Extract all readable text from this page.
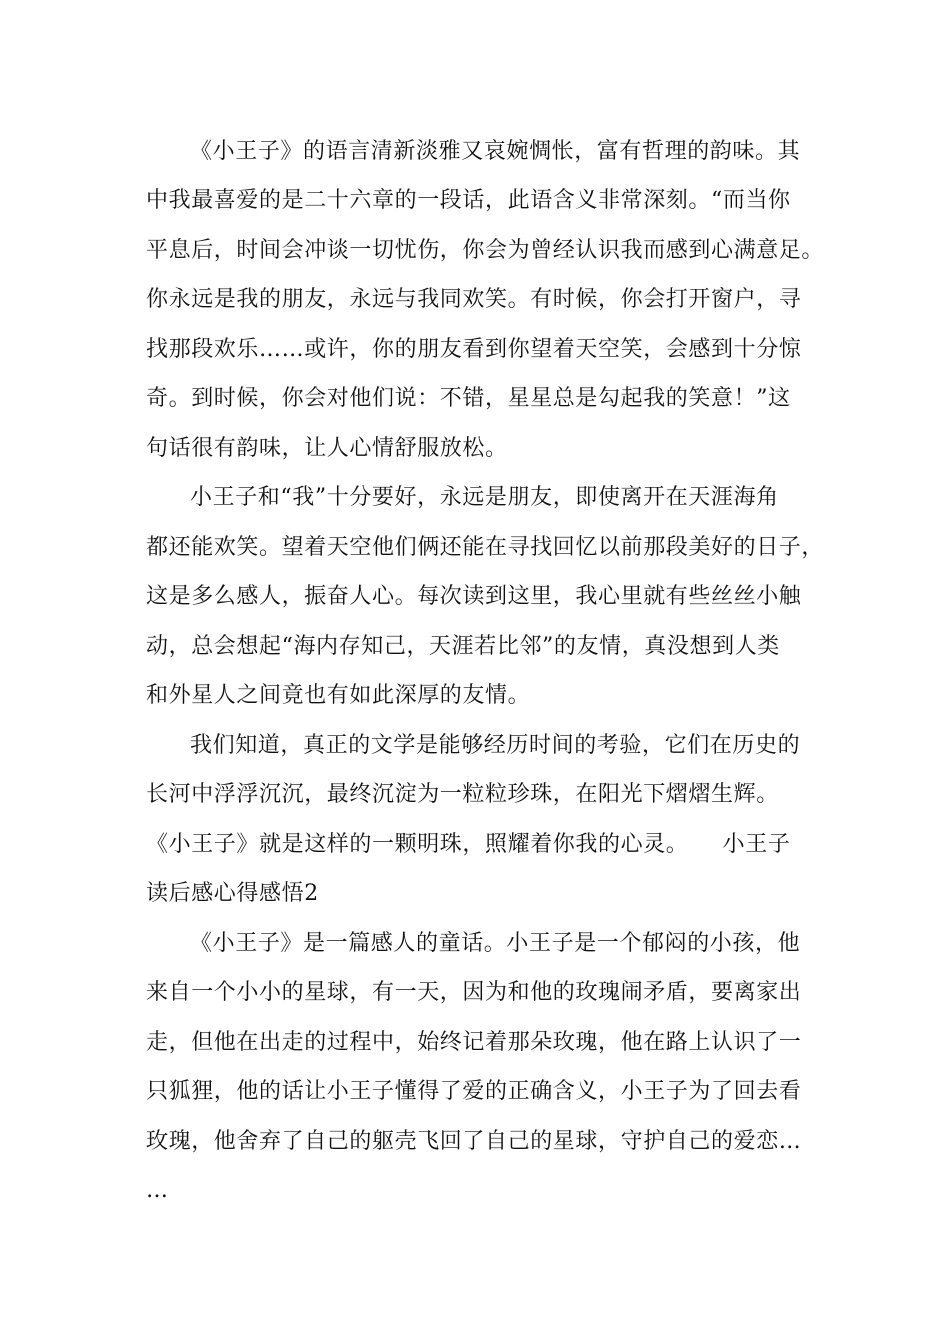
《小王子》的语言清新淡雅又哀婉惆怅，富有哲理的韵味。其
中我最喜爱的是二十六章的一段话，此语含义非常深刻。“而当你
平息后，时间会冲谈一切忧伤，你会为曾经认识我而感到心满意足。
你永远是我的朋友，永远与我同欢笑。有时候，你会打开窗户，寻
找那段欢乐……或许，你的朋友看到你望着天空笑，会感到十分惊
奇。到时候，你会对他们说：不错，星星总是勾起我的笑意！”这
句话很有韵味，让人心情舒服放松。
小王子和“我”十分要好，永远是朋友，即使离开在天涯海角
都还能欢笑。望着天空他们俩还能在寻找回忆以前那段美好的日子，
这是多么感人，振奋人心。每次读到这里，我心里就有些丝丝小触
动，总会想起“海内存知己，天涯若比邻”的友情，真没想到人类
和外星人之间竟也有如此深厚的友情。
我们知道，真正的文学是能够经历时间的考验，它们在历史的
长河中浮浮沉沉，最终沉淀为一粒粒珍珠，在阳光下熠熠生辉。
《小王子》就是这样的一颗明珠，照耀着你我的心灵。　　小王子
读后感心得感悟2
《小王子》是一篇感人的童话。小王子是一个郁闷的小孩，他
来自一个小小的星球，有一天，因为和他的玫瑰闹矛盾，要离家出
走，但他在出走的过程中，始终记着那朵玫瑰，他在路上认识了一
只狐狸，他的话让小王子懂得了爱的正确含义，小王子为了回去看
玫瑰，他舍弃了自己的躯壳飞回了自己的星球，守护自己的爱恋…
…
